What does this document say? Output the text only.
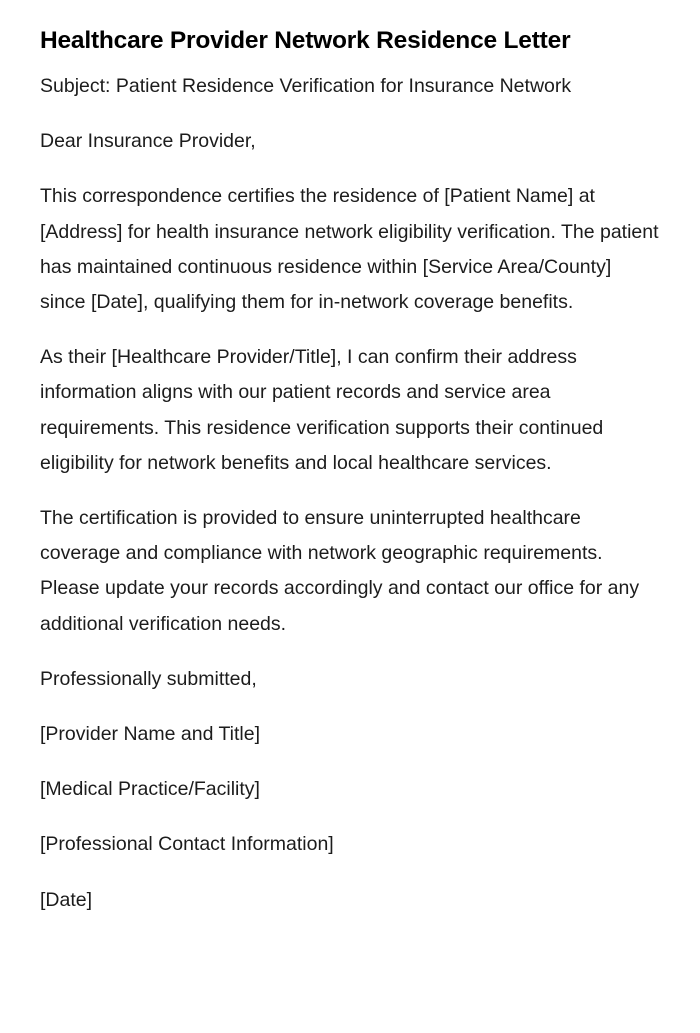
Healthcare Provider Network Residence Letter

Subject: Patient Residence Verification for Insurance Network

Dear Insurance Provider,

This correspondence certifies the residence of [Patient Name] at [Address] for health insurance network eligibility verification. The patient has maintained continuous residence within [Service Area/County] since [Date], qualifying them for in-network coverage benefits.

As their [Healthcare Provider/Title], I can confirm their address information aligns with our patient records and service area requirements. This residence verification supports their continued eligibility for network benefits and local healthcare services.

The certification is provided to ensure uninterrupted healthcare coverage and compliance with network geographic requirements. Please update your records accordingly and contact our office for any additional verification needs.

Professionally submitted,

[Provider Name and Title]

[Medical Practice/Facility]

[Professional Contact Information]

[Date]
